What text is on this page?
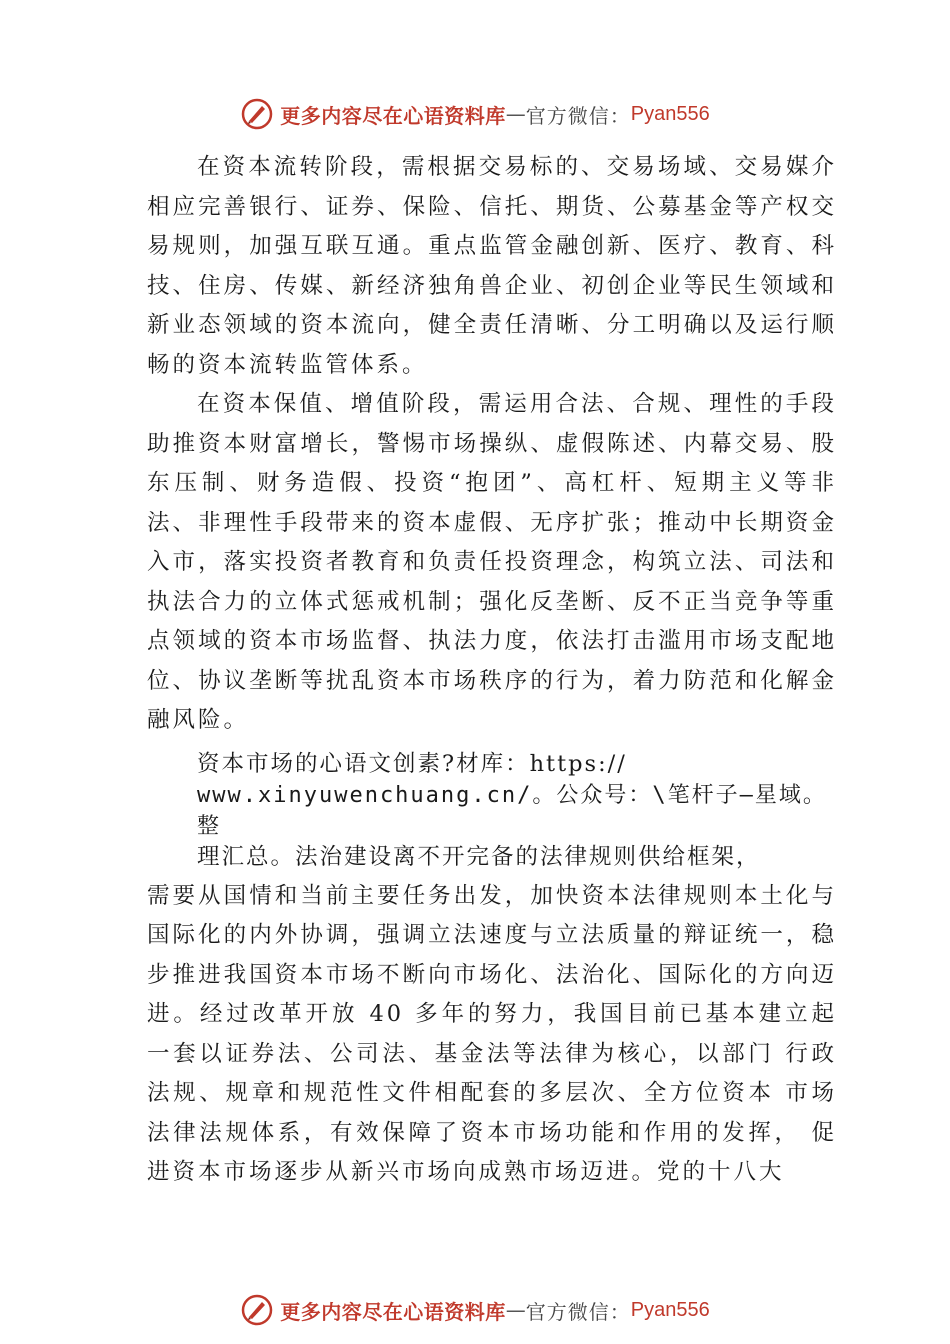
更多内容尽在心语资料库 — 官方微信： Pyan556

在资本流转阶段，需根据交易标的、交易场域、交易媒介相应完善银行、证券、保险、信托、期货、公募基金等产权交易规则，加强互联互通。重点监管金融创新、医疗、教育、科技、住房、传媒、新经济独角兽企业、初创企业等民生领域和新业态领域的资本流向，健全责任清晰、分工明确以及运行顺畅的资本流转监管体系。

在资本保值、增值阶段，需运用合法、合规、理性的手段助推资本财富增长，警惕市场操纵、虚假陈述、内幕交易、股东压制、财务造假、投资“抱团”、高杠杆、短期主义等非法、非理性手段带来的资本虚假、无序扩张；推动中长期资金入市，落实投资者教育和负责任投资理念，构筑立法、司法和执法合力的立体式惩戒机制；强化反垄断、反不正当竞争等重点领域的资本市场监督、执法力度，依法打击滥用市场支配地位、协议垄断等扰乱资本市场秩序的行为，着力防范和化解金融风险。

资本市场的心语文创素?材库：https://
www.xinyuwenchuang.cn/。公众号：\笔杆子—星域。整
理汇总。法治建设离不开完备的法律规则供给框架，

需要从国情和当前主要任务出发，加快资本法律规则本土化与国际化的内外协调，强调立法速度与立法质量的辩证统一，稳步推进我国资本市场不断向市场化、法治化、国际化的方向迈进。经过改革开放 40 多年的努力，我国目前已基本建立起一套以证券法、公司法、基金法等法律为核心，以部门 行政法规、规章和规范性文件相配套的多层次、全方位资本 市场法律法规体系，有效保障了资本市场功能和作用的发挥， 促进资本市场逐步从新兴市场向成熟市场迈进。党的十八大

更多内容尽在心语资料库 — 官方微信： Pyan556
